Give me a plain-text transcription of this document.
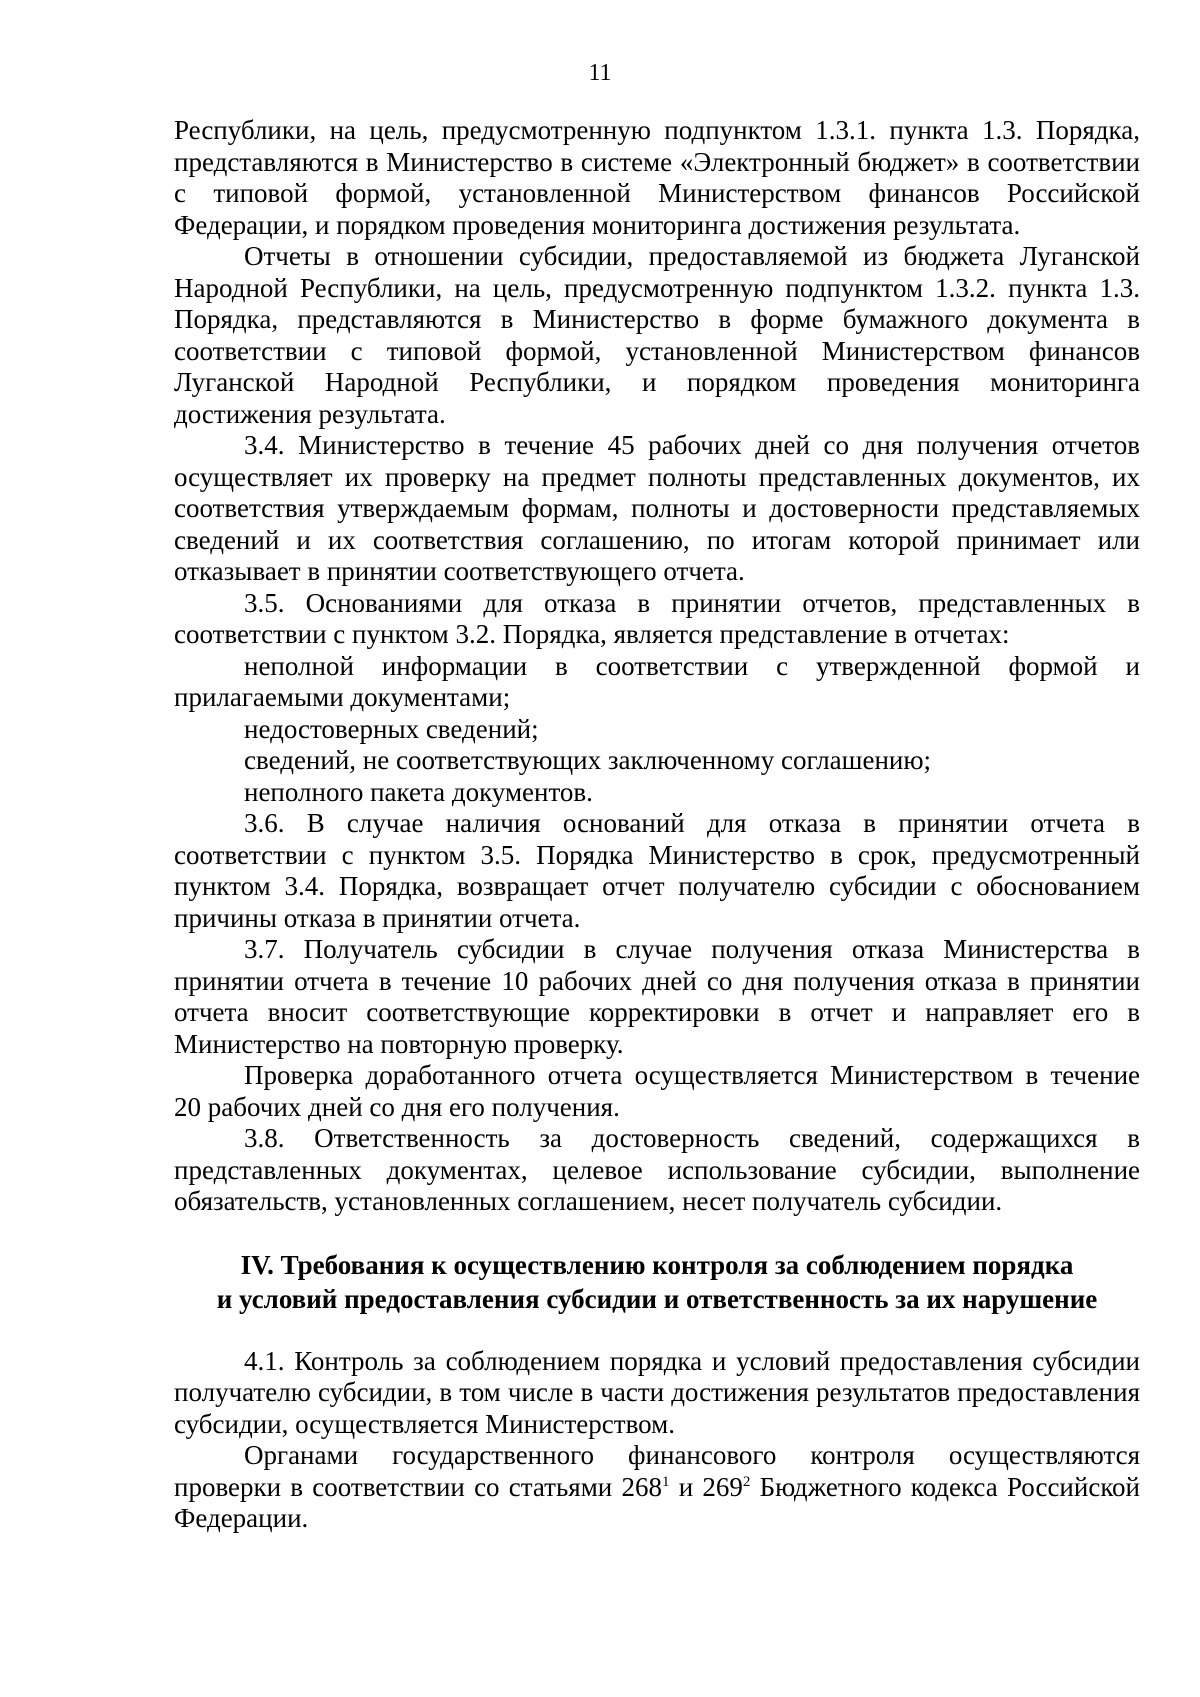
11

Республики, на цель, предусмотренную подпунктом 1.3.1. пункта 1.3. Порядка, представляются в Министерство в системе «Электронный бюджет» в соответствии с типовой формой, установленной Министерством финансов Российской Федерации, и порядком проведения мониторинга достижения результата.

Отчеты в отношении субсидии, предоставляемой из бюджета Луганской Народной Республики, на цель, предусмотренную подпунктом 1.3.2. пункта 1.3. Порядка, представляются в Министерство в форме бумажного документа в соответствии с типовой формой, установленной Министерством финансов Луганской Народной Республики, и порядком проведения мониторинга достижения результата.

3.4. Министерство в течение 45 рабочих дней со дня получения отчетов осуществляет их проверку на предмет полноты представленных документов, их соответствия утверждаемым формам, полноты и достоверности представляемых сведений и их соответствия соглашению, по итогам которой принимает или отказывает в принятии соответствующего отчета.

3.5. Основаниями для отказа в принятии отчетов, представленных в соответствии с пунктом 3.2. Порядка, является представление в отчетах:

неполной информации в соответствии с утвержденной формой и прилагаемыми документами;

недостоверных сведений;

сведений, не соответствующих заключенному соглашению;

неполного пакета документов.

3.6. В случае наличия оснований для отказа в принятии отчета в соответствии с пунктом 3.5. Порядка Министерство в срок, предусмотренный пунктом 3.4. Порядка, возвращает отчет получателю субсидии с обоснованием причины отказа в принятии отчета.

3.7. Получатель субсидии в случае получения отказа Министерства в принятии отчета в течение 10 рабочих дней со дня получения отказа в принятии отчета вносит соответствующие корректировки в отчет и направляет его в Министерство на повторную проверку.

Проверка доработанного отчета осуществляется Министерством в течение 20 рабочих дней со дня его получения.

3.8. Ответственность за достоверность сведений, содержащихся в представленных документах, целевое использование субсидии, выполнение обязательств, установленных соглашением, несет получатель субсидии.

IV. Требования к осуществлению контроля за соблюдением порядка
и условий предоставления субсидии и ответственность за их нарушение

4.1. Контроль за соблюдением порядка и условий предоставления субсидии получателю субсидии, в том числе в части достижения результатов предоставления субсидии, осуществляется Министерством.

Органами государственного финансового контроля осуществляются проверки в соответствии со статьями $268^1$ и $269^2$ Бюджетного кодекса Российской Федерации.
